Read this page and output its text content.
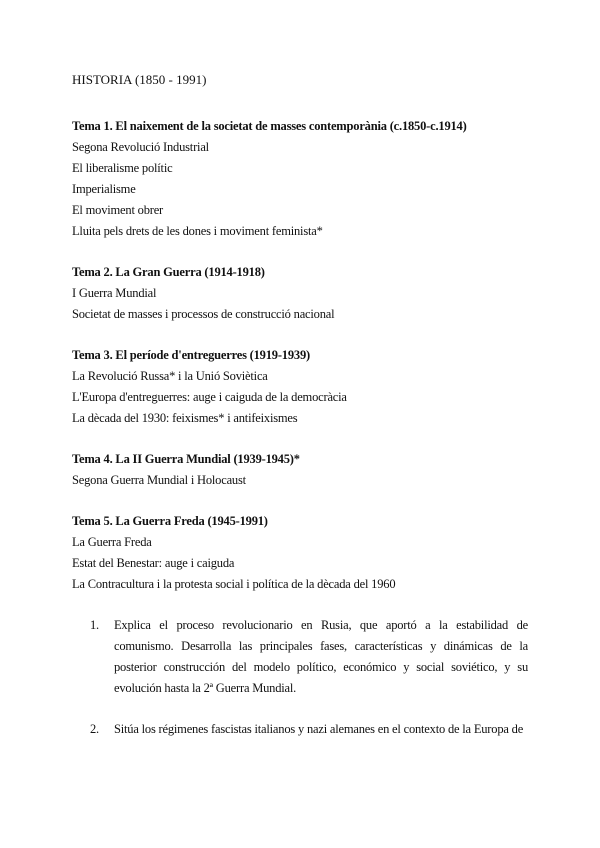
HISTORIA (1850 - 1991)

Tema 1. El naixement de la societat de masses contemporània (c.1850-c.1914)

Segona Revolució Industrial

El liberalisme polític

Imperialisme

El moviment obrer

Lluita pels drets de les dones i moviment feminista*

Tema 2. La Gran Guerra (1914-1918)

I Guerra Mundial

Societat de masses i processos de construcció nacional

Tema 3. El període d'entreguerres (1919-1939)

La Revolució Russa* i la Unió Soviètica

L'Europa d'entreguerres: auge i caiguda de la democràcia

La dècada del 1930: feixismes* i antifeixismes

Tema 4. La II Guerra Mundial (1939-1945)*

Segona Guerra Mundial i Holocaust

Tema 5. La Guerra Freda (1945-1991)

La Guerra Freda

Estat del Benestar: auge i caiguda

La Contracultura i la protesta social i política de la dècada del 1960

1. Explica el proceso revolucionario en Rusia, que aportó a la estabilidad de comunismo. Desarrolla las principales fases, características y dinámicas de la posterior construcción del modelo político, económico y social soviético, y su evolución hasta la 2ª Guerra Mundial.
2. Sitúa los régimenes fascistas italianos y nazi alemanes en el contexto de la Europa de
